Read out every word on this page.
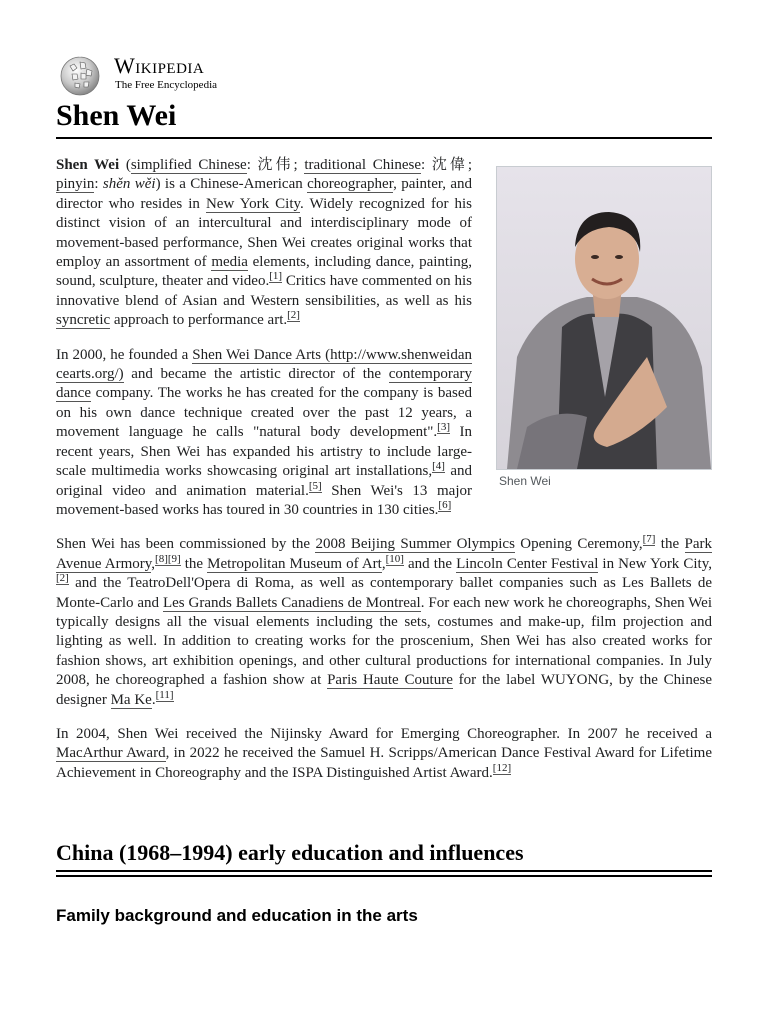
Wikipedia
The Free Encyclopedia
Shen Wei
Shen Wei

Shen Wei (simplified Chinese: 沈伟; traditional Chinese: 沈偉; pinyin: shěn wěi) is a Chinese-American choreographer, painter, and director who resides in New York City. Widely recognized for his distinct vision of an intercultural and interdisciplinary mode of movement-based performance, Shen Wei creates original works that employ an assortment of media elements, including dance, painting, sound, sculpture, theater and video.[1] Critics have commented on his innovative blend of Asian and Western sensibilities, as well as his syncretic approach to performance art.[2]

In 2000, he founded a Shen Wei Dance Arts (http://www.shenweidancearts.org/) and became the artistic director of the contemporary dance company. The works he has created for the company is based on his own dance technique created over the past 12 years, a movement language he calls "natural body development".[3] In recent years, Shen Wei has expanded his artistry to include large-scale multimedia works showcasing original art installations,[4] and original video and animation material.[5] Shen Wei's 13 major movement-based works has toured in 30 countries in 130 cities.[6]

Shen Wei has been commissioned by the 2008 Beijing Summer Olympics Opening Ceremony,[7] the Park Avenue Armory,[8][9] the Metropolitan Museum of Art,[10] and the Lincoln Center Festival in New York City,[2] and the TeatroDell'Opera di Roma, as well as contemporary ballet companies such as Les Ballets de Monte-Carlo and Les Grands Ballets Canadiens de Montreal. For each new work he choreographs, Shen Wei typically designs all the visual elements including the sets, costumes and make-up, film projection and lighting as well. In addition to creating works for the proscenium, Shen Wei has also created works for fashion shows, art exhibition openings, and other cultural productions for international companies. In July 2008, he choreographed a fashion show at Paris Haute Couture for the label WUYONG, by the Chinese designer Ma Ke.[11]

In 2004, Shen Wei received the Nijinsky Award for Emerging Choreographer. In 2007 he received a MacArthur Award, in 2022 he received the Samuel H. Scripps/American Dance Festival Award for Lifetime Achievement in Choreography and the ISPA Distinguished Artist Award.[12]

China (1968–1994) early education and influences
Family background and education in the arts
